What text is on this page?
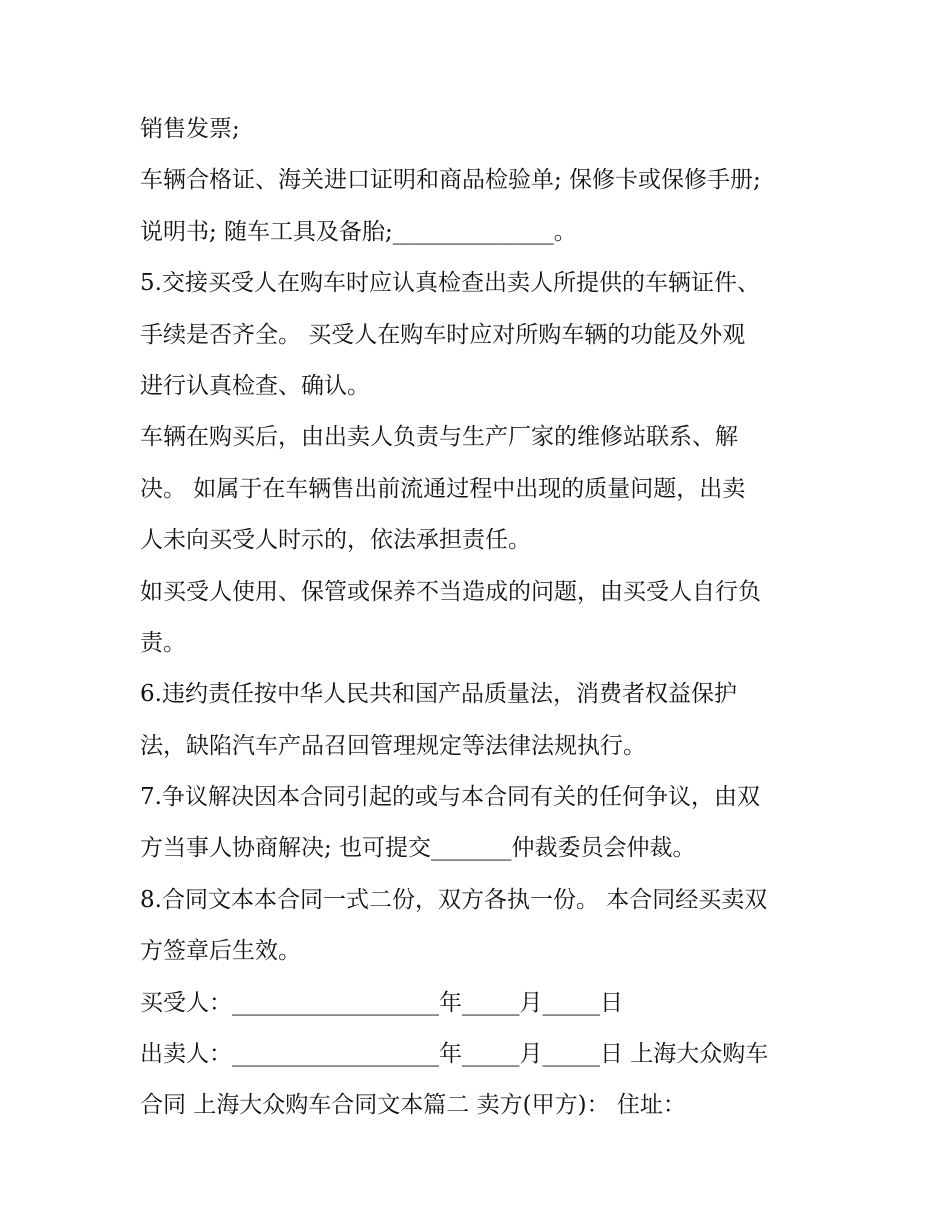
销售发票;
车辆合格证、海关进口证明和商品检验单; 保修卡或保修手册;
说明书; 随车工具及备胎;______________。
5.交接买受人在购车时应认真检查出卖人所提供的车辆证件、
手续是否齐全。 买受人在购车时应对所购车辆的功能及外观
进行认真检查、确认。
车辆在购买后，由出卖人负责与生产厂家的维修站联系、解
决。 如属于在车辆售出前流通过程中出现的质量问题，出卖
人未向买受人时示的，依法承担责任。
如买受人使用、保管或保养不当造成的问题，由买受人自行负
责。
6.违约责任按中华人民共和国产品质量法，消费者权益保护
法，缺陷汽车产品召回管理规定等法律法规执行。
7.争议解决因本合同引起的或与本合同有关的任何争议，由双
方当事人协商解决; 也可提交_______仲裁委员会仲裁。
8.合同文本本合同一式二份，双方各执一份。 本合同经买卖双
方签章后生效。
买受人：__________________年_____月_____日
出卖人：__________________年_____月_____日 上海大众购车
合同 上海大众购车合同文本篇二 卖方(甲方)： 住址：
